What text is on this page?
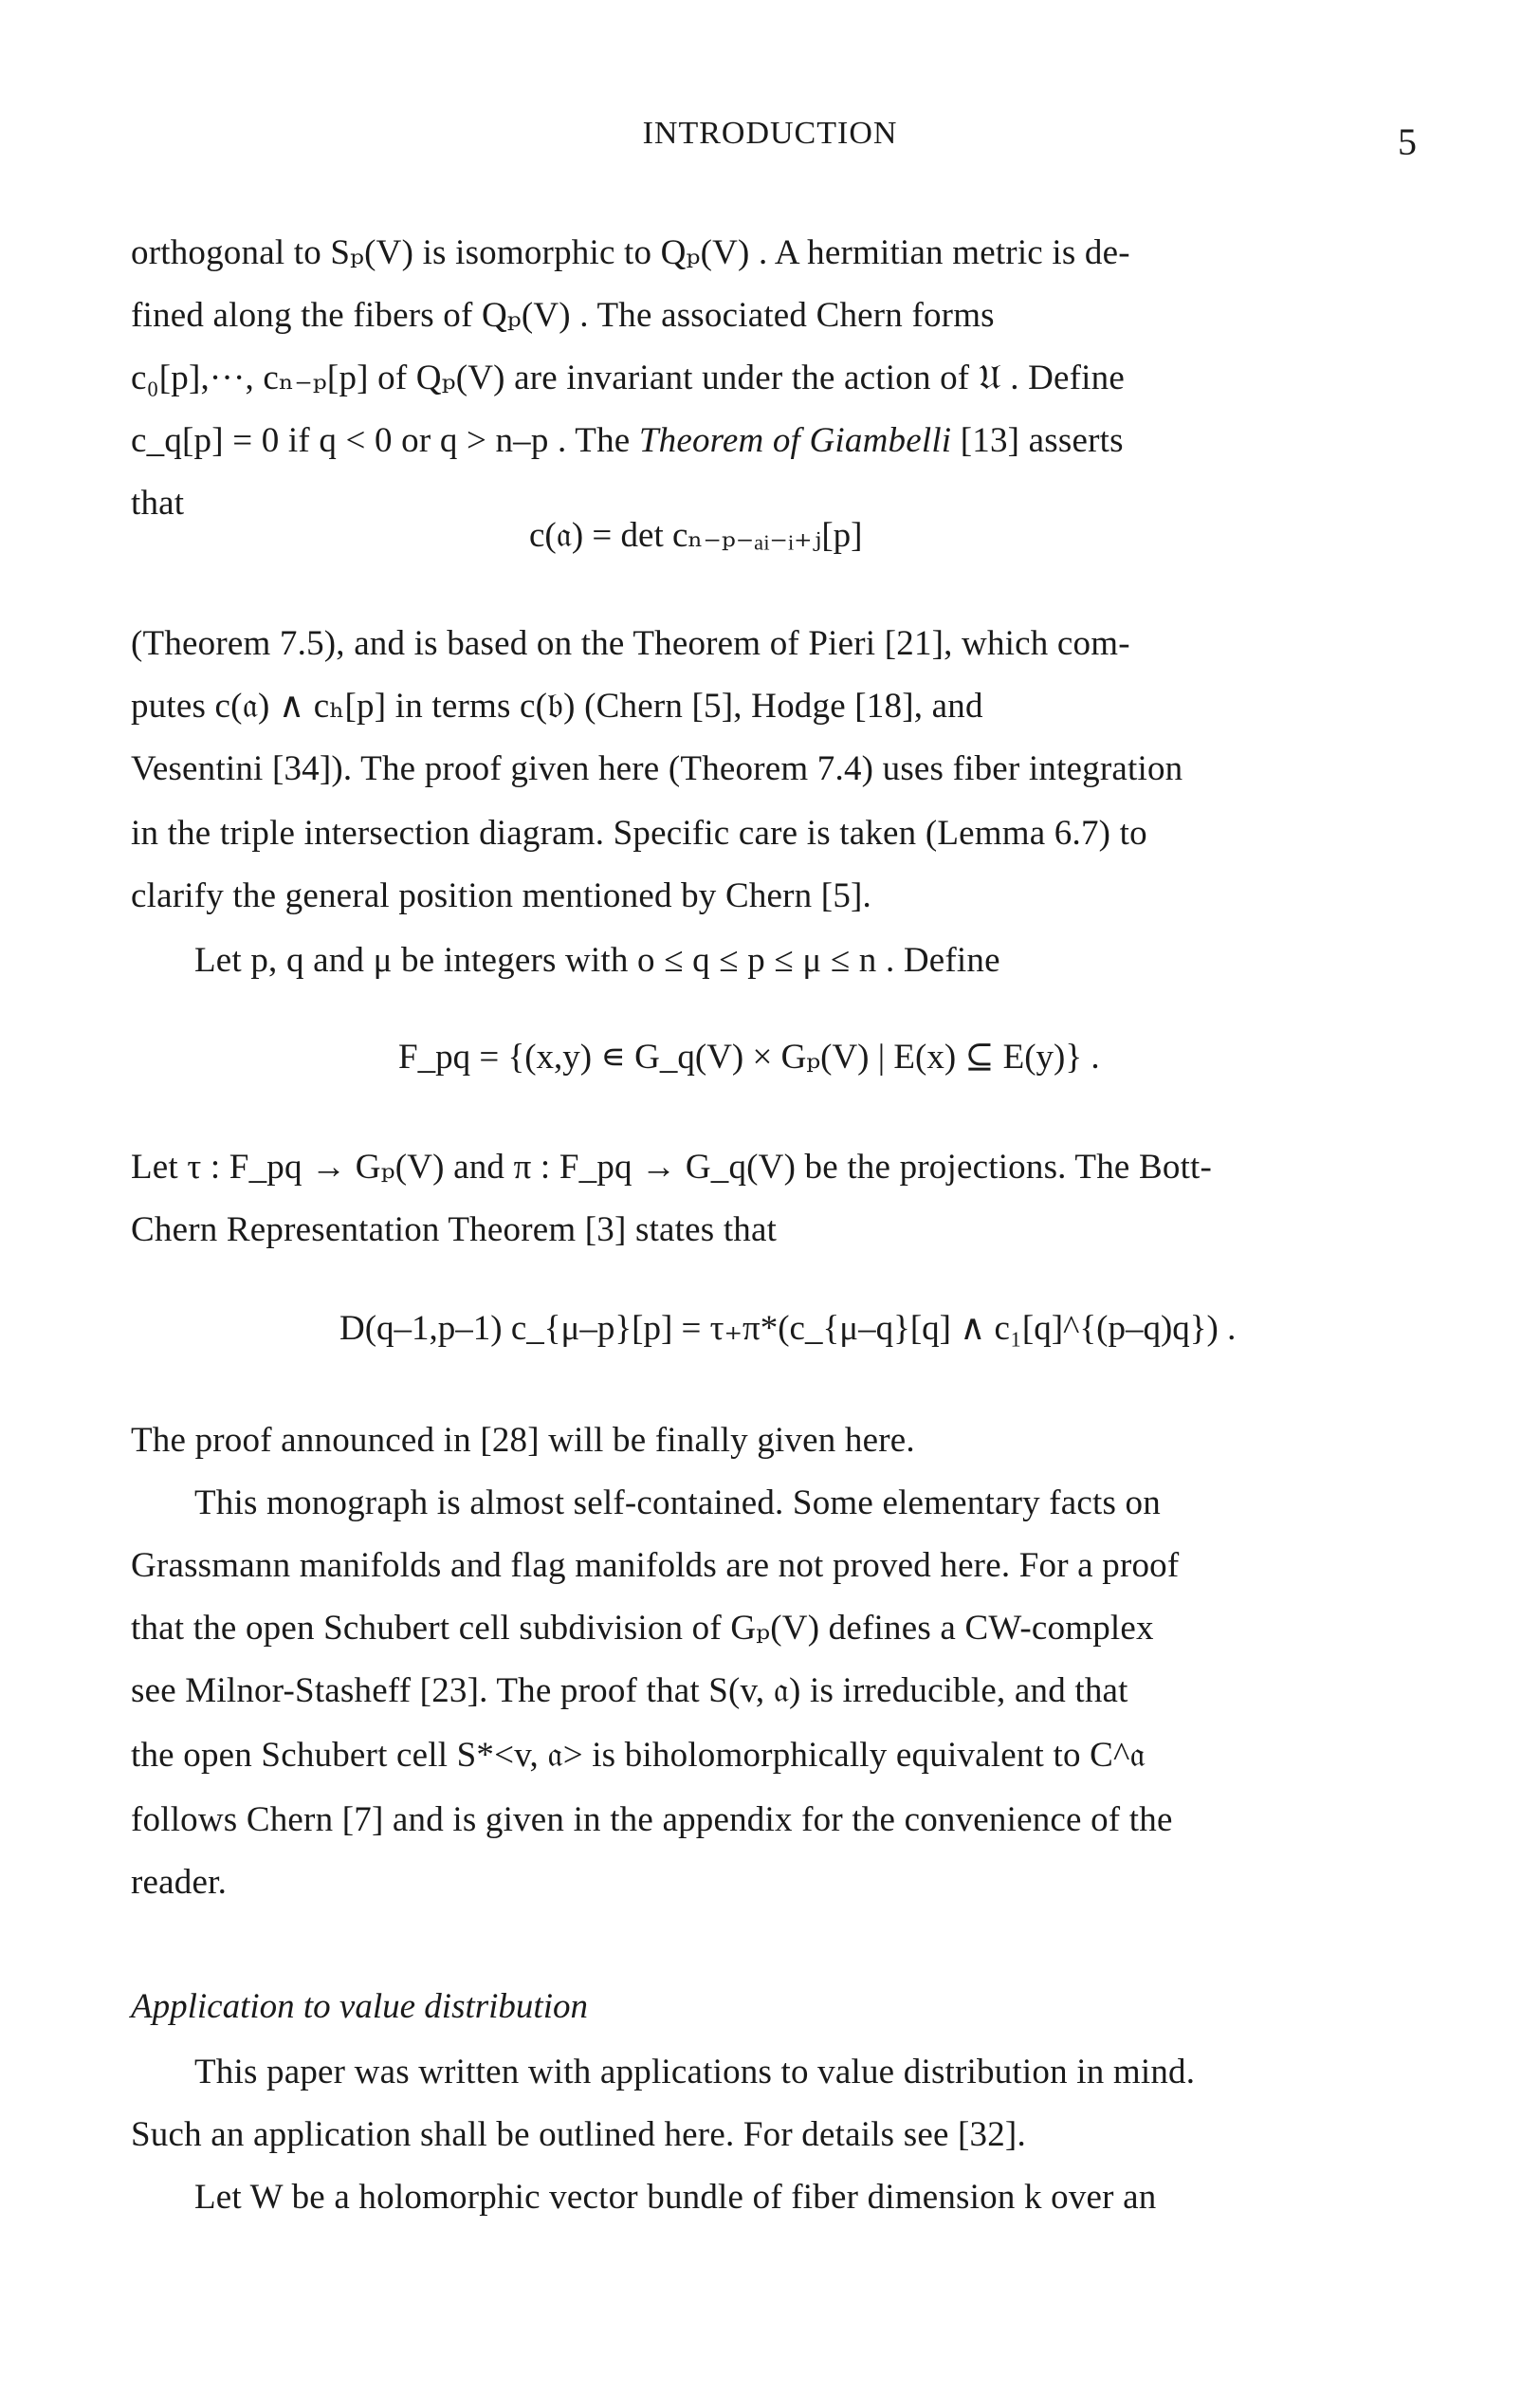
INTRODUCTION	5
orthogonal to Sₚ(V) is isomorphic to Qₚ(V) . A hermitian metric is de-
fined along the fibers of Qₚ(V) . The associated Chern forms
c₀[p],···, cₙ₋ₚ[p] of Qₚ(V) are invariant under the action of 𝔘 . Define
c_q[p] = 0 if q < 0 or q > n–p . The Theorem of Giambelli [13] asserts
that
c(𝔞) = det cₙ₋ₚ₋ₐᵢ₋ᵢ₊ⱼ[p]
(Theorem 7.5), and is based on the Theorem of Pieri [21], which com-
putes c(𝔞) ∧ cₕ[p] in terms c(𝔟) (Chern [5], Hodge [18], and
Vesentini [34]). The proof given here (Theorem 7.4) uses fiber integration
in the triple intersection diagram. Specific care is taken (Lemma 6.7) to
clarify the general position mentioned by Chern [5].
Let p, q and μ be integers with o ≤ q ≤ p ≤ μ ≤ n . Define
F_pq = {(x,y) ∊ G_q(V) × Gₚ(V) | E(x) ⊆ E(y)} .
Let τ : F_pq → Gₚ(V) and π : F_pq → G_q(V) be the projections. The Bott-
Chern Representation Theorem [3] states that
D(q–1,p–1) c_{μ–p}[p] = τ₊π*(c_{μ–q}[q] ∧ c₁[q]^{(p–q)q}) .
The proof announced in [28] will be finally given here.
This monograph is almost self-contained. Some elementary facts on
Grassmann manifolds and flag manifolds are not proved here. For a proof
that the open Schubert cell subdivision of Gₚ(V) defines a CW-complex
see Milnor-Stasheff [23]. The proof that S(v, 𝔞) is irreducible, and that
the open Schubert cell S*<v, 𝔞> is biholomorphically equivalent to C^𝔞
follows Chern [7] and is given in the appendix for the convenience of the
reader.
Application to value distribution
This paper was written with applications to value distribution in mind.
Such an application shall be outlined here. For details see [32].
Let W be a holomorphic vector bundle of fiber dimension k over an
